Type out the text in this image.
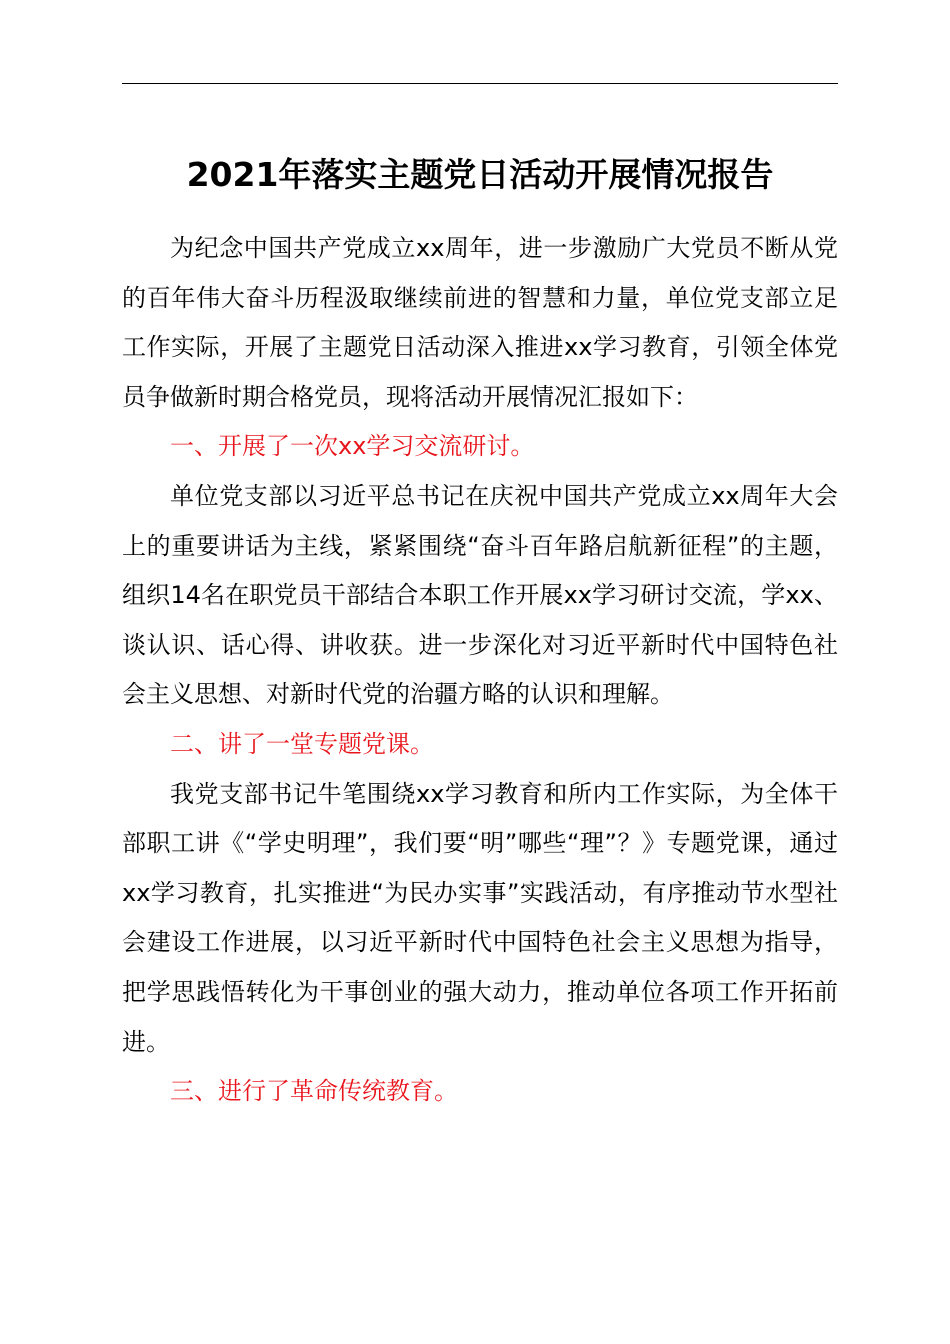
2021年落实主题党日活动开展情况报告

为纪念中国共产党成立xx周年，进一步激励广大党员不断从党的百年伟大奋斗历程汲取继续前进的智慧和力量，单位党支部立足工作实际，开展了主题党日活动深入推进xx学习教育，引领全体党员争做新时期合格党员，现将活动开展情况汇报如下：

一、开展了一次xx学习交流研讨。

单位党支部以习近平总书记在庆祝中国共产党成立xx周年大会上的重要讲话为主线，紧紧围绕“奋斗百年路启航新征程”的主题，组织14名在职党员干部结合本职工作开展xx学习研讨交流，学xx、谈认识、话心得、讲收获。进一步深化对习近平新时代中国特色社会主义思想、对新时代党的治疆方略的认识和理解。

二、讲了一堂专题党课。

我党支部书记牛笔围绕xx学习教育和所内工作实际，为全体干部职工讲《“学史明理”，我们要“明”哪些“理”？》专题党课，通过xx学习教育，扎实推进“为民办实事”实践活动，有序推动节水型社会建设工作进展，以习近平新时代中国特色社会主义思想为指导，把学思践悟转化为干事创业的强大动力，推动单位各项工作开拓前进。

三、进行了革命传统教育。
